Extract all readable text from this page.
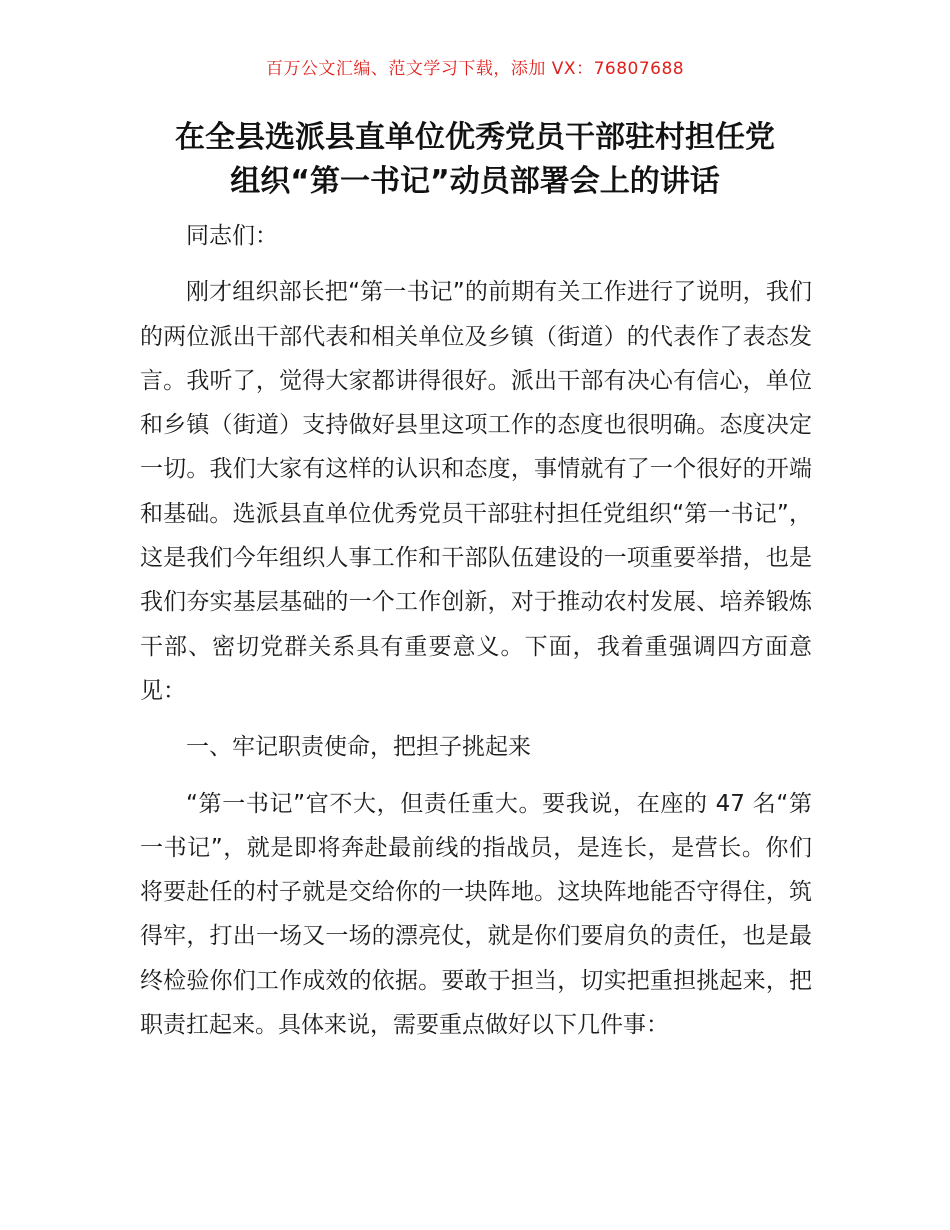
百万公文汇编、范文学习下载，添加 VX：76807688
在全县选派县直单位优秀党员干部驻村担任党
组织“第一书记”动员部署会上的讲话

同志们：

刚才组织部长把“第一书记”的前期有关工作进行了说明，我们的两位派出干部代表和相关单位及乡镇（街道）的代表作了表态发言。我听了，觉得大家都讲得很好。派出干部有决心有信心，单位和乡镇（街道）支持做好县里这项工作的态度也很明确。态度决定一切。我们大家有这样的认识和态度，事情就有了一个很好的开端和基础。选派县直单位优秀党员干部驻村担任党组织“第一书记”，这是我们今年组织人事工作和干部队伍建设的一项重要举措，也是我们夯实基层基础的一个工作创新，对于推动农村发展、培养锻炼干部、密切党群关系具有重要意义。下面，我着重强调四方面意见：

一、牢记职责使命，把担子挑起来

“第一书记”官不大，但责任重大。要我说，在座的 47 名“第一书记”，就是即将奔赴最前线的指战员，是连长，是营长。你们将要赴任的村子就是交给你的一块阵地。这块阵地能否守得住，筑得牢，打出一场又一场的漂亮仗，就是你们要肩负的责任，也是最终检验你们工作成效的依据。要敢于担当，切实把重担挑起来，把职责扛起来。具体来说，需要重点做好以下几件事：
